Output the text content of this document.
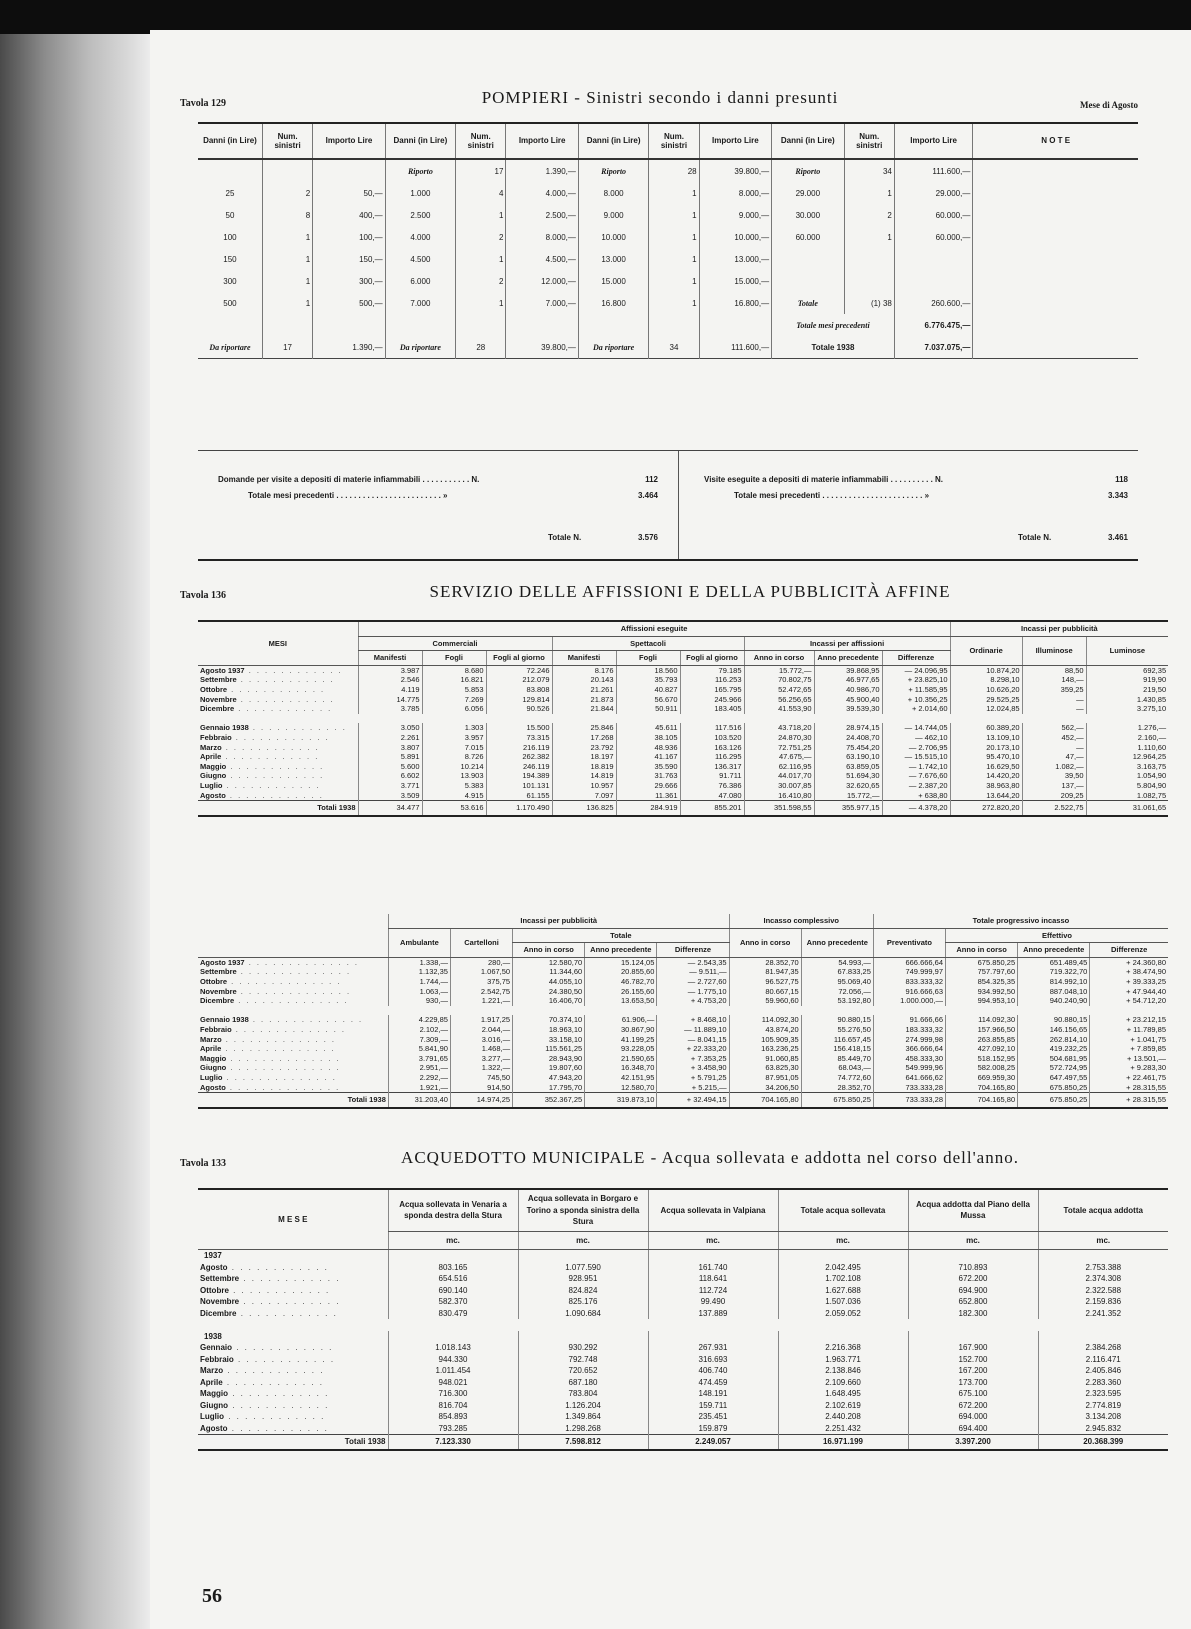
Tavola 129	POMPIERI - Sinistri secondo i danni presunti	Mese di Agosto
Danni (in Lire)	Num. sinistri	Importo Lire	Danni (in Lire)	Num. sinistri	Importo Lire	Danni (in Lire)	Num. sinistri	Importo Lire	Danni (in Lire)	Num. sinistri	Importo Lire	N O T E
			Riporto	17	1.390,—	Riporto	28	39.800,—	Riporto	34	111.600,—	
25	2	50,—	1.000	4	4.000,—	8.000	1	8.000,—	29.000	1	29.000,—	
50	8	400,—	2.500	1	2.500,—	9.000	1	9.000,—	30.000	2	60.000,—	
100	1	100,—	4.000	2	8.000,—	10.000	1	10.000,—	60.000	1	60.000,—	
150	1	150,—	4.500	1	4.500,—	13.000	1	13.000,—				
300	1	300,—	6.000	2	12.000,—	15.000	1	15.000,—				
500	1	500,—	7.000	1	7.000,—	16.800	1	16.800,—	Totale	(1) 38	260.600,—	
									Totale mesi precedenti		6.776.475,—	
Da riportare	17	1.390,—	Da riportare	28	39.800,—	Da riportare	34	111.600,—	Totale 1938		7.037.075,—	
Domande per visite a depositi di materie infiammabili . . . . . . . . . . . N.	112
Totale mesi precedenti . . . . . . . . . . . . . . . . . . . . . . . . »	3.464
Totale N.	3.576
Visite eseguite a depositi di materie infiammabili . . . . . . . . . . N.	118
Totale mesi precedenti . . . . . . . . . . . . . . . . . . . . . . . »	3.343
Totale N.	3.461
Tavola 136	SERVIZIO DELLE AFFISSIONI E DELLA PUBBLICITÀ AFFINE
MESI	Affissioni eseguite									Incassi per pubblicità		
	Commerciali			Spettacoli			Incassi per affissioni			Ordinarie	Illuminose	Luminose
	Manifesti	Fogli	Fogli al giorno	Manifesti	Fogli	Fogli al giorno	Anno in corso	Anno precedente	Differenze			
Agosto 1937 . . . . . . . . . . . .	3.987	8.680	72.246	8.176	18.560	79.185	15.772,—	39.868,95	— 24.096,95	10.874,20	88,50	692,35
Settembre . . . . . . . . . . . .	2.546	16.821	212.079	20.143	35.793	116.253	70.802,75	46.977,65	+ 23.825,10	8.298,10	148,—	919,90
Ottobre . . . . . . . . . . . .	4.119	5.853	83.808	21.261	40.827	165.795	52.472,65	40.986,70	+ 11.585,95	10.626,20	359,25	219,50
Novembre . . . . . . . . . . . .	14.775	7.269	129.814	21.873	56.670	245.966	56.256,65	45.900,40	+ 10.356,25	29.525,25	—	1.430,85
Dicembre . . . . . . . . . . . .	3.785	6.056	90.526	21.844	50.911	183.405	41.553,90	39.539,30	+ 2.014,60	12.024,85	—	3.275,10

Gennaio 1938 . . . . . . . . . . . .	3.050	1.303	15.500	25.846	45.611	117.516	43.718,20	28.974,15	— 14.744,05	60.389,20	562,—	1.276,—
Febbraio . . . . . . . . . . . .	2.261	3.957	73.315	17.268	38.105	103.520	24.870,30	24.408,70	— 462,10	13.109,10	452,—	2.160,—
Marzo . . . . . . . . . . . .	3.807	7.015	216.119	23.792	48.936	163.126	72.751,25	75.454,20	— 2.706,95	20.173,10	—	1.110,60
Aprile . . . . . . . . . . . .	5.891	8.726	262.382	18.197	41.167	116.295	47.675,—	63.190,10	— 15.515,10	95.470,10	47,—	12.964,25
Maggio . . . . . . . . . . . .	5.600	10.214	246.119	18.819	35.590	136.317	62.116,95	63.859,05	— 1.742,10	16.629,50	1.082,—	3.163,75
Giugno . . . . . . . . . . . .	6.602	13.903	194.389	14.819	31.763	91.711	44.017,70	51.694,30	— 7.676,60	14.420,20	39,50	1.054,90
Luglio . . . . . . . . . . . .	3.771	5.383	101.131	10.957	29.666	76.386	30.007,85	32.620,65	— 2.387,20	38.963,80	137,—	5.804,90
Agosto . . . . . . . . . . . .	3.509	4.915	61.155	7.097	11.361	47.080	16.410,80	15.772,—	+ 638,80	13.644,20	209,25	1.082,75
Totali 1938	34.477	53.616	1.170.490	136.825	284.919	855.201	351.598,55	355.977,15	— 4.378,20	272.820,20	2.522,75	31.061,65
	Incassi per pubblicità					Incasso complessivo		Totale progressivo incasso			
	Ambulante	Cartelloni	Totale			Anno in corso	Anno precedente	Preventivato	Effettivo		
			Anno in corso	Anno precedente	Differenze				Anno in corso	Anno precedente	Differenze
Agosto 1937 . . . . . . . . . . . . . .	1.338,—	280,—	12.580,70	15.124,05	— 2.543,35	28.352,70	54.993,—	666.666,64	675.850,25	651.489,45	+ 24.360,80
Settembre . . . . . . . . . . . . . .	1.132,35	1.067,50	11.344,60	20.855,60	— 9.511,—	81.947,35	67.833,25	749.999,97	757.797,60	719.322,70	+ 38.474,90
Ottobre . . . . . . . . . . . . . .	1.744,—	375,75	44.055,10	46.782,70	— 2.727,60	96.527,75	95.069,40	833.333,32	854.325,35	814.992,10	+ 39.333,25
Novembre . . . . . . . . . . . . . .	1.063,—	2.542,75	24.380,50	26.155,60	— 1.775,10	80.667,15	72.056,—	916.666,63	934.992,50	887.048,10	+ 47.944,40
Dicembre . . . . . . . . . . . . . .	930,—	1.221,—	16.406,70	13.653,50	+ 4.753,20	59.960,60	53.192,80	1.000.000,—	994.953,10	940.240,90	+ 54.712,20

Gennaio 1938 . . . . . . . . . . . . . .	4.229,85	1.917,25	70.374,10	61.906,—	+ 8.468,10	114.092,30	90.880,15	91.666,66	114.092,30	90.880,15	+ 23.212,15
Febbraio . . . . . . . . . . . . . .	2.102,—	2.044,—	18.963,10	30.867,90	— 11.889,10	43.874,20	55.276,50	183.333,32	157.966,50	146.156,65	+ 11.789,85
Marzo . . . . . . . . . . . . . .	7.309,—	3.016,—	33.158,10	41.199,25	— 8.041,15	105.909,35	116.657,45	274.999,98	263.855,85	262.814,10	+ 1.041,75
Aprile . . . . . . . . . . . . . .	5.841,90	1.468,—	115.561,25	93.228,05	+ 22.333,20	163.236,25	156.418,15	366.666,64	427.092,10	419.232,25	+ 7.859,85
Maggio . . . . . . . . . . . . . .	3.791,65	3.277,—	28.943,90	21.590,65	+ 7.353,25	91.060,85	85.449,70	458.333,30	518.152,95	504.681,95	+ 13.501,—
Giugno . . . . . . . . . . . . . .	2.951,—	1.322,—	19.807,60	16.348,70	+ 3.458,90	63.825,30	68.043,—	549.999,96	582.008,25	572.724,95	+ 9.283,30
Luglio . . . . . . . . . . . . . .	2.292,—	745,50	47.943,20	42.151,95	+ 5.791,25	87.951,05	74.772,60	641.666,62	669.959,30	647.497,55	+ 22.461,75
Agosto . . . . . . . . . . . . . .	1.921,—	914,50	17.795,70	12.580,70	+ 5.215,—	34.206,50	28.352,70	733.333,28	704.165,80	675.850,25	+ 28.315,55
Totali 1938	31.203,40	14.974,25	352.367,25	319.873,10	+ 32.494,15	704.165,80	675.850,25	733.333,28	704.165,80	675.850,25	+ 28.315,55
Tavola 133	ACQUEDOTTO MUNICIPALE - Acqua sollevata e addotta nel corso dell'anno.
M E S E	Acqua sollevata in Venaria a sponda destra della Stura	Acqua sollevata in Borgaro e Torino a sponda sinistra della Stura	Acqua sollevata in Valpiana	Totale acqua sollevata	Acqua addotta dal Piano della Mussa	Totale acqua addotta
	mc.	mc.	mc.	mc.	mc.	mc.
1937						
Agosto . . . . . . . . . . . .	803.165	1.077.590	161.740	2.042.495	710.893	2.753.388
Settembre . . . . . . . . . . . .	654.516	928.951	118.641	1.702.108	672.200	2.374.308
Ottobre . . . . . . . . . . . .	690.140	824.824	112.724	1.627.688	694.900	2.322.588
Novembre . . . . . . . . . . . .	582.370	825.176	99.490	1.507.036	652.800	2.159.836
Dicembre . . . . . . . . . . . .	830.479	1.090.684	137.889	2.059.052	182.300	2.241.352

1938						
Gennaio . . . . . . . . . . . .	1.018.143	930.292	267.931	2.216.368	167.900	2.384.268
Febbraio . . . . . . . . . . . .	944.330	792.748	316.693	1.963.771	152.700	2.116.471
Marzo . . . . . . . . . . . .	1.011.454	720.652	406.740	2.138.846	167.200	2.405.846
Aprile . . . . . . . . . . . .	948.021	687.180	474.459	2.109.660	173.700	2.283.360
Maggio . . . . . . . . . . . .	716.300	783.804	148.191	1.648.495	675.100	2.323.595
Giugno . . . . . . . . . . . .	816.704	1.126.204	159.711	2.102.619	672.200	2.774.819
Luglio . . . . . . . . . . . .	854.893	1.349.864	235.451	2.440.208	694.000	3.134.208
Agosto . . . . . . . . . . . .	793.285	1.298.268	159.879	2.251.432	694.400	2.945.832
Totali 1938	7.123.330	7.598.812	2.249.057	16.971.199	3.397.200	20.368.399
56
